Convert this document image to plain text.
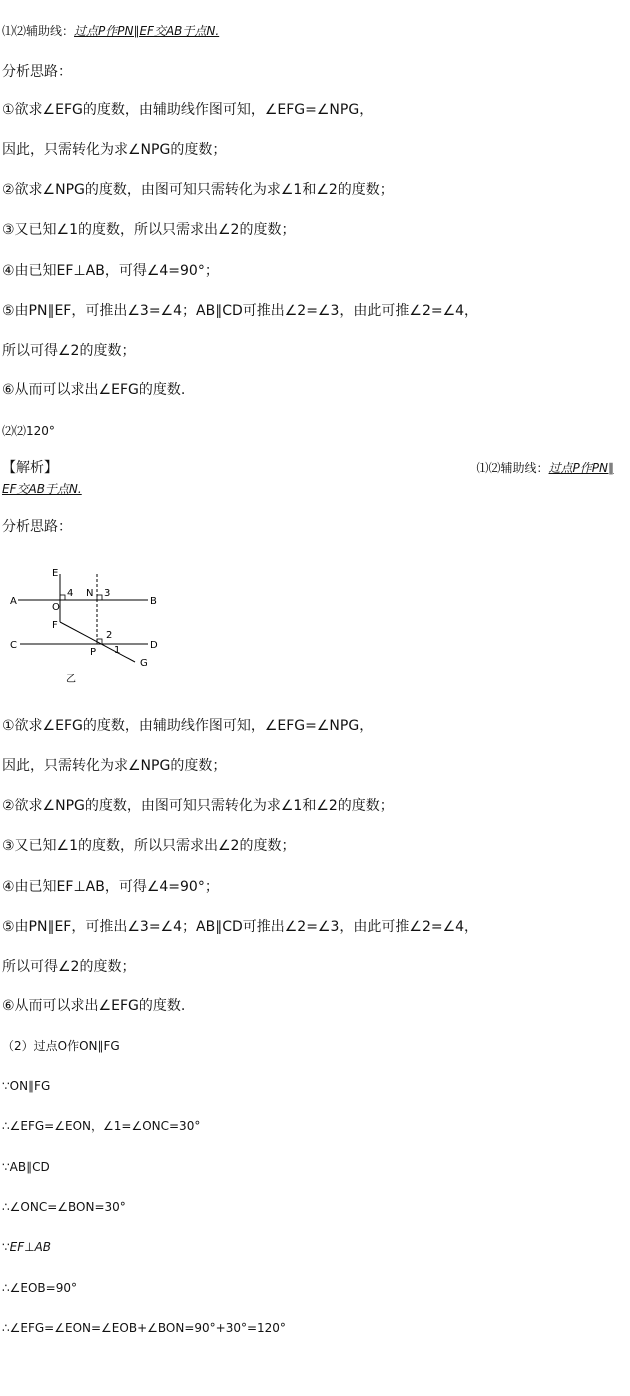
⑴⑵辅助线：过点P作PN∥EF交AB于点N.
分析思路：
①欲求∠EFG的度数，由辅助线作图可知，∠EFG=∠NPG，
因此，只需转化为求∠NPG的度数；
②欲求∠NPG的度数，由图可知只需转化为求∠1和∠2的度数；
③又已知∠1的度数，所以只需求出∠2的度数；
④由已知EF⊥AB，可得∠4=90°；
⑤由PN∥EF，可推出∠3=∠4；AB∥CD可推出∠2=∠3，由此可推∠2=∠4，
所以可得∠2的度数；
⑥从而可以求出∠EFG的度数.
⑵⑵120°
【解析】	⑴⑵辅助线：过点P作PN∥
EF交AB于点N.
分析思路：
E
A
O
4 N 3
B
F
C
2
D
P 1
G
乙
①欲求∠EFG的度数，由辅助线作图可知，∠EFG=∠NPG，
因此，只需转化为求∠NPG的度数；
②欲求∠NPG的度数，由图可知只需转化为求∠1和∠2的度数；
③又已知∠1的度数，所以只需求出∠2的度数；
④由已知EF⊥AB，可得∠4=90°；
⑤由PN∥EF，可推出∠3=∠4；AB∥CD可推出∠2=∠3，由此可推∠2=∠4，
所以可得∠2的度数；
⑥从而可以求出∠EFG的度数.
（2）过点O作ON∥FG
∵ON∥FG
∴∠EFG=∠EON，∠1=∠ONC=30°
∵AB∥CD
∴∠ONC=∠BON=30°
∵EF⊥AB
∴∠EOB=90°
∴∠EFG=∠EON=∠EOB+∠BON=90°+30°=120°
